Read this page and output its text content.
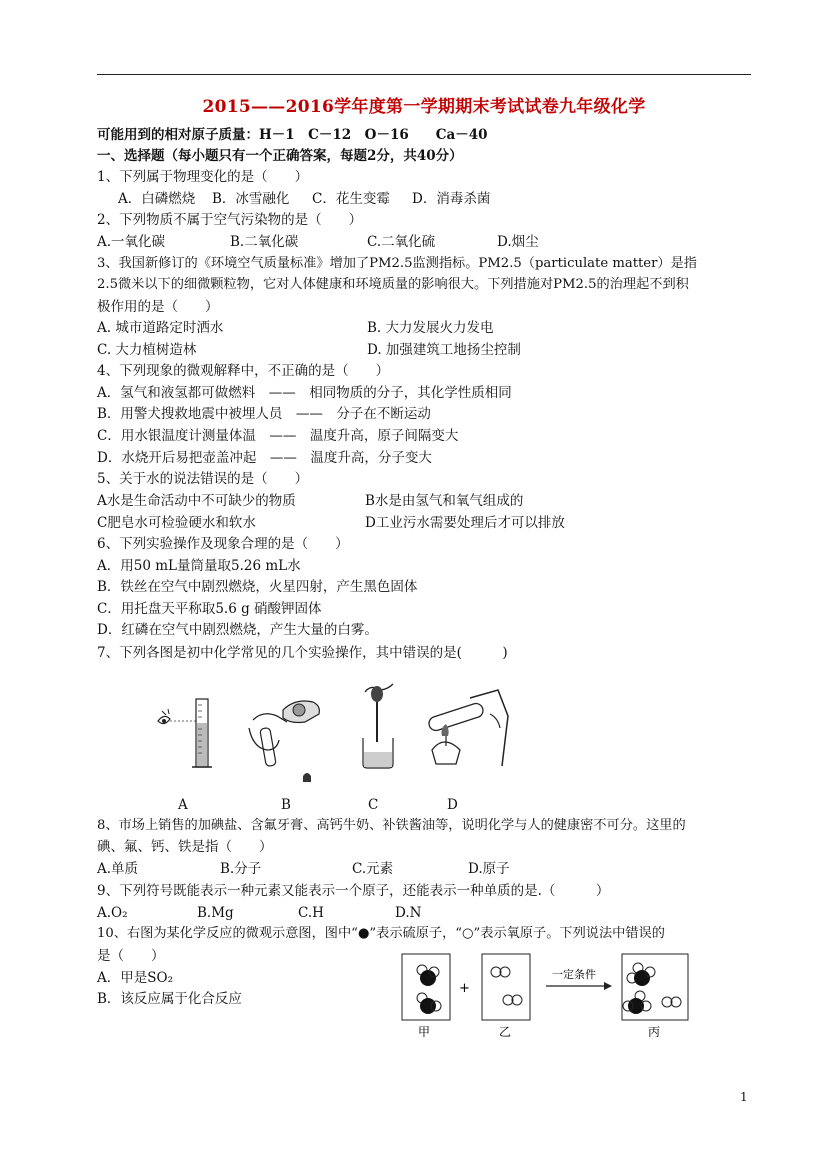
2015——2016学年度第一学期期末考试试卷九年级化学
可能用到的相对原子质量：H－1　C－12　O－16　　Ca－40
一、选择题（每小题只有一个正确答案，每题2分，共40分）
1、下列属于物理变化的是（　　）
A．白磷燃烧 B．冰雪融化 C．花生变霉 D．消毒杀菌
2、下列物质不属于空气污染物的是（　　）
A.一氧化碳	B.二氧化碳	C.二氧化硫	D.烟尘
3、我国新修订的《环境空气质量标准》增加了PM2.5监测指标。PM2.5（particulate matter）是指
2.5微米以下的细微颗粒物，它对人体健康和环境质量的影响很大。下列措施对PM2.5的治理起不到积
极作用的是（　　）
A. 城市道路定时洒水	B. 大力发展火力发电
C. 大力植树造林	D. 加强建筑工地扬尘控制
4、下列现象的微观解释中，不正确的是（　　）
A．氢气和液氢都可做燃料　——　相同物质的分子，其化学性质相同
B．用警犬搜救地震中被埋人员　——　分子在不断运动
C．用水银温度计测量体温　——　温度升高，原子间隔变大
D．水烧开后易把壶盖冲起　——　温度升高，分子变大
5、关于水的说法错误的是（　　）
A水是生命活动中不可缺少的物质	B水是由氢气和氧气组成的
C肥皂水可检验硬水和软水	D工业污水需要处理后才可以排放
6、下列实验操作及现象合理的是（　　）
A．用50 mL量筒量取5.26 mL水
B．铁丝在空气中剧烈燃烧，火星四射，产生黑色固体
C．用托盘天平称取5.6 g 硝酸钾固体
D．红磷在空气中剧烈燃烧，产生大量的白雾。
7、下列各图是初中化学常见的几个实验操作，其中错误的是(　　　)
A	B	C	D
8、市场上销售的加碘盐、含氟牙膏、高钙牛奶、补铁酱油等，说明化学与人的健康密不可分。这里的
碘、氟、钙、铁是指（　　）
A.单质	B.分子	C.元素	D.原子
9、下列符号既能表示一种元素又能表示一个原子，还能表示一种单质的是.（　　　）
A.O₂	B.Mg	C.H	D.N
10、右图为某化学反应的微观示意图，图中“●”表示硫原子，“○”表示氧原子。下列说法中错误的
是（　　）
A．甲是SO₂
B．该反应属于化合反应
+
一定条件
甲	乙	丙
1
